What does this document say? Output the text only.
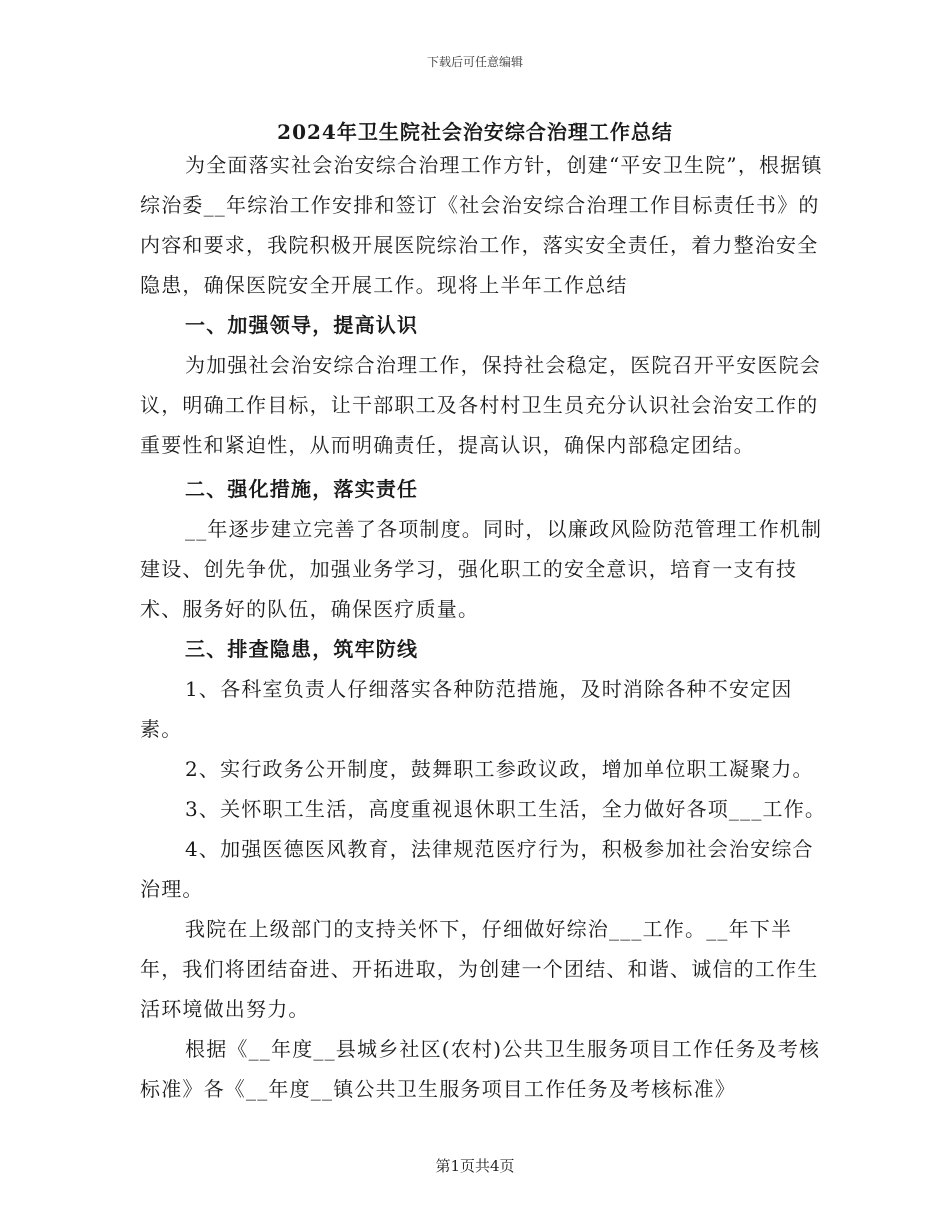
下载后可任意编辑
2024年卫生院社会治安综合治理工作总结

为全面落实社会治安综合治理工作方针，创建“平安卫生院”，根据镇综治委__年综治工作安排和签订《社会治安综合治理工作目标责任书》的内容和要求，我院积极开展医院综治工作，落实安全责任，着力整治安全隐患，确保医院安全开展工作。现将上半年工作总结

一、加强领导，提高认识

为加强社会治安综合治理工作，保持社会稳定，医院召开平安医院会议，明确工作目标，让干部职工及各村村卫生员充分认识社会治安工作的重要性和紧迫性，从而明确责任，提高认识，确保内部稳定团结。

二、强化措施，落实责任

__年逐步建立完善了各项制度。同时，以廉政风险防范管理工作机制建设、创先争优，加强业务学习，强化职工的安全意识，培育一支有技术、服务好的队伍，确保医疗质量。

三、排查隐患，筑牢防线

1、各科室负责人仔细落实各种防范措施，及时消除各种不安定因素。

2、实行政务公开制度，鼓舞职工参政议政，增加单位职工凝聚力。

3、关怀职工生活，高度重视退休职工生活，全力做好各项___工作。

4、加强医德医风教育，法律规范医疗行为，积极参加社会治安综合治理。

我院在上级部门的支持关怀下，仔细做好综治___工作。__年下半年，我们将团结奋进、开拓进取，为创建一个团结、和谐、诚信的工作生活环境做出努力。

根据《__年度__县城乡社区(农村)公共卫生服务项目工作任务及考核标准》各《__年度__镇公共卫生服务项目工作任务及考核标准》

第1页共4页
